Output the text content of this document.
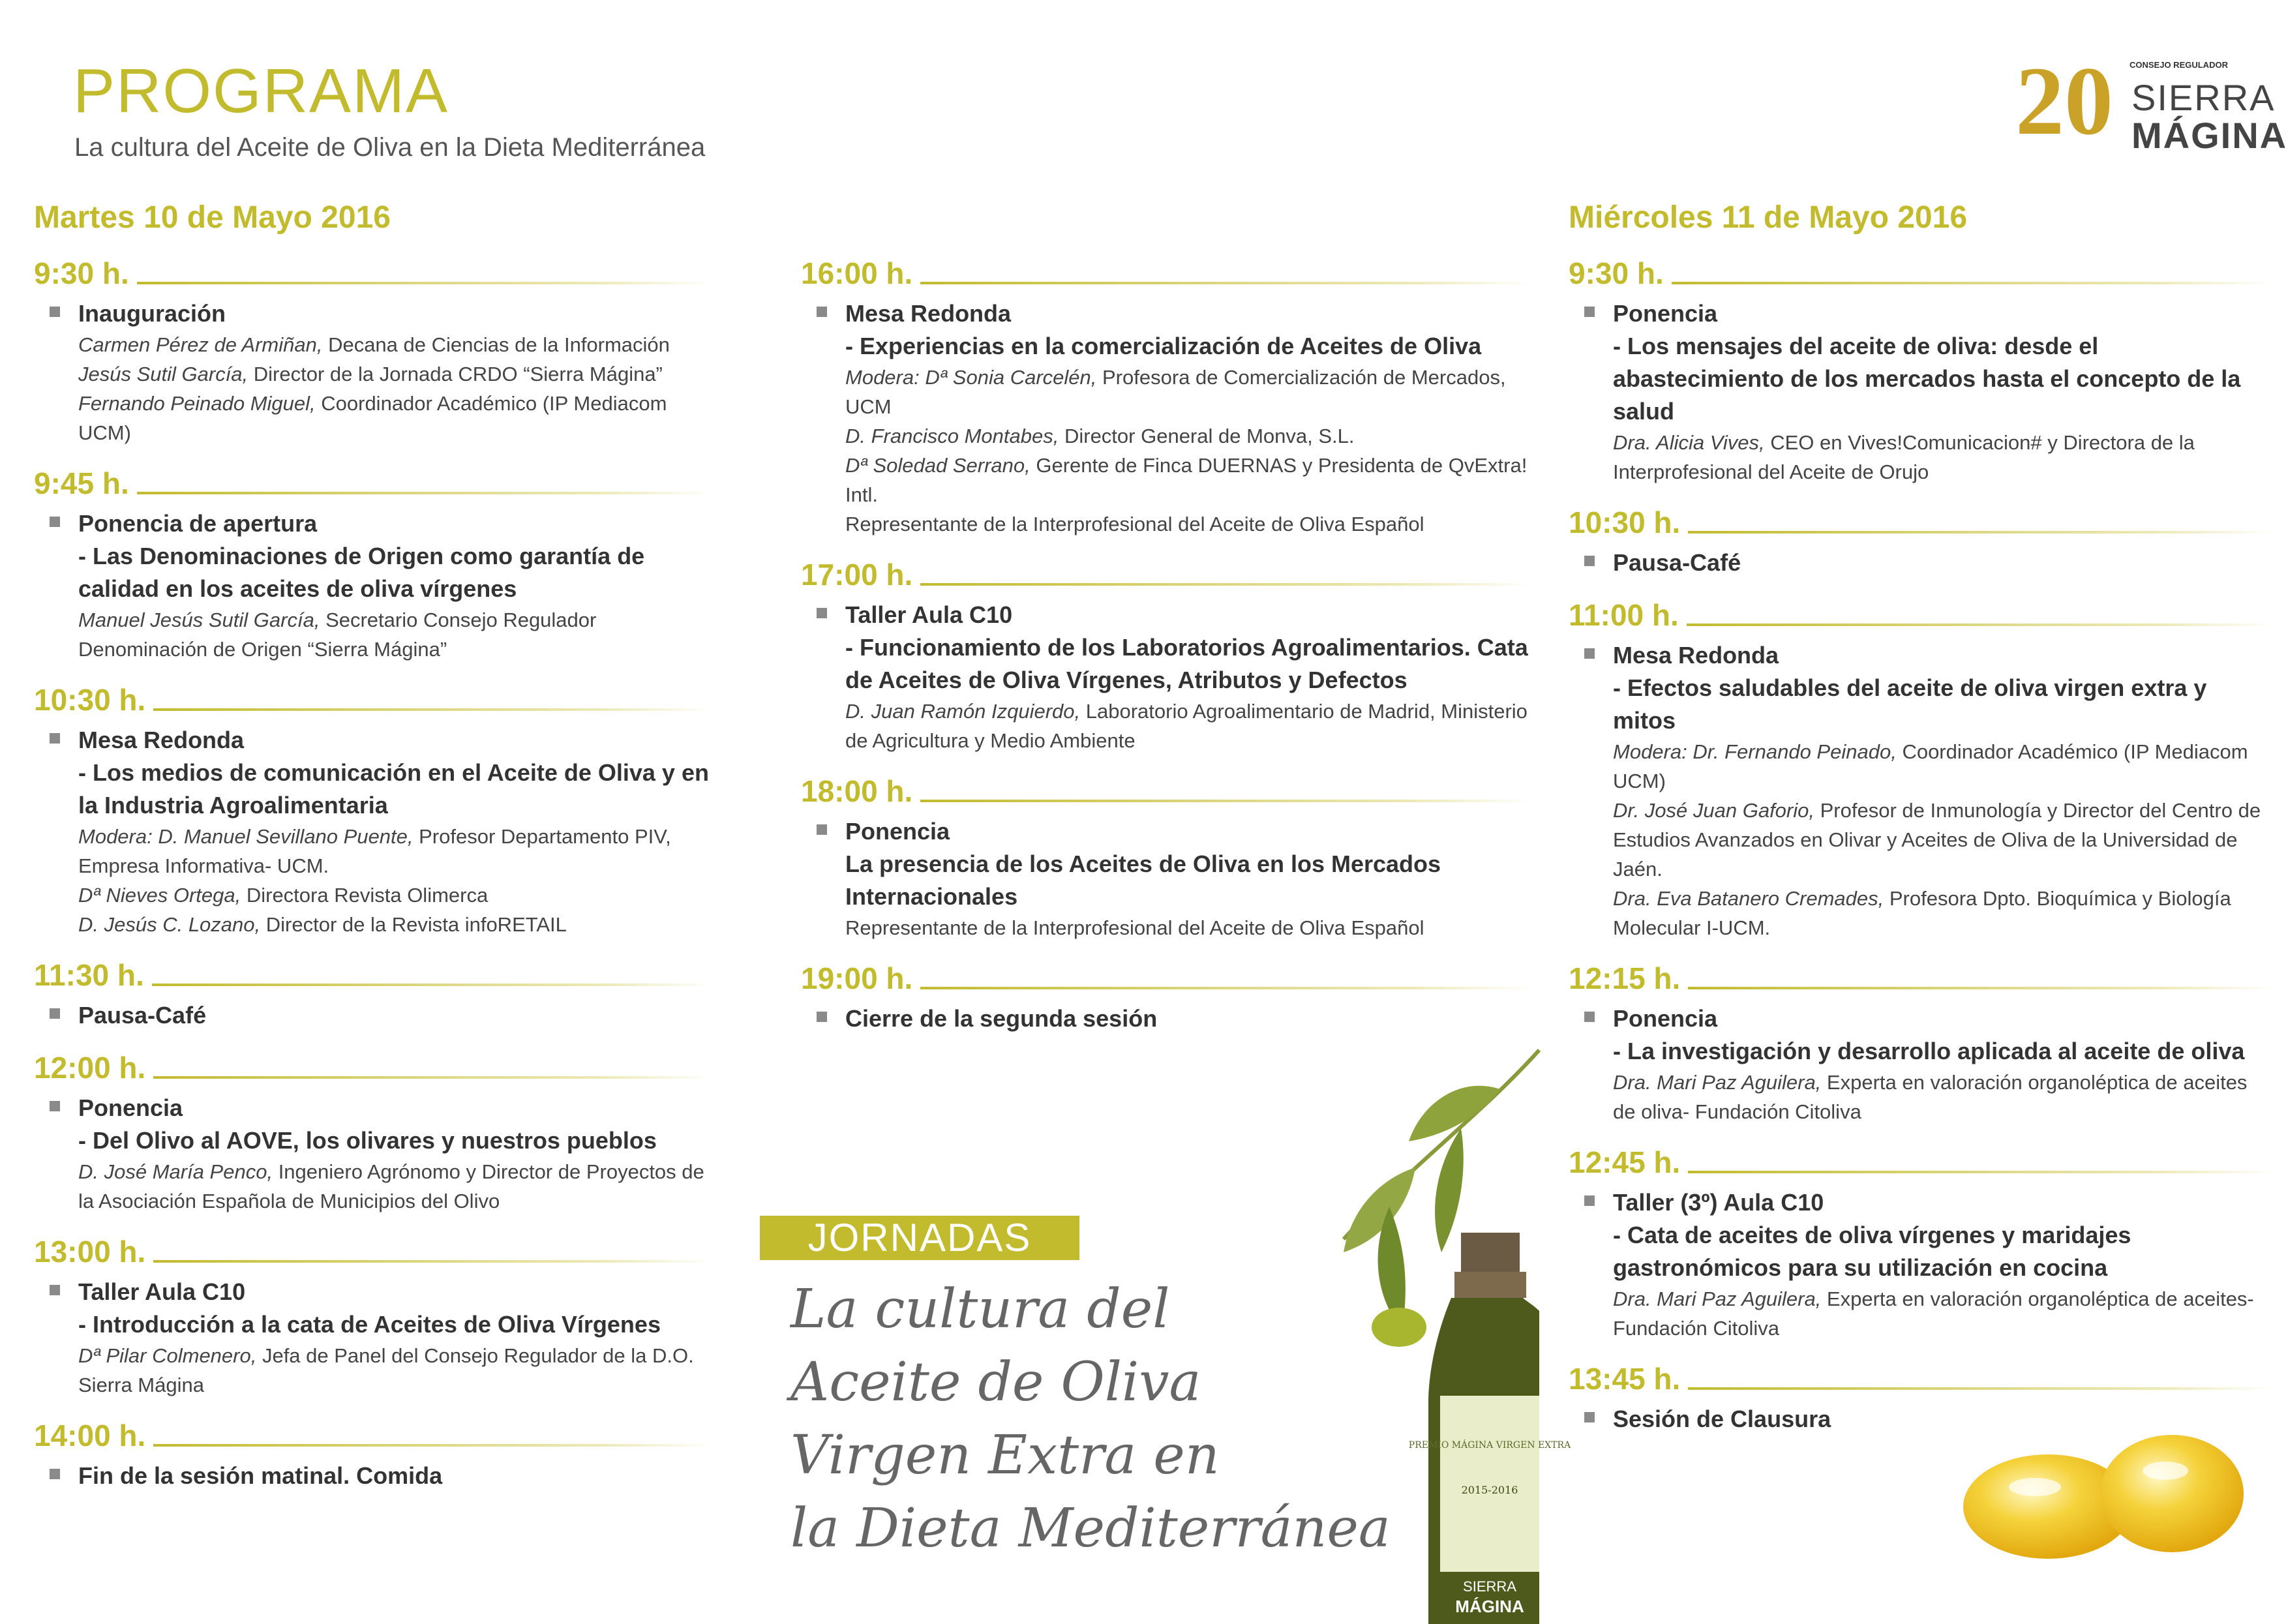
PROGRAMA
La cultura del Aceite de Oliva en la Dieta Mediterránea	20 CONSEJO REGULADOR
SIERRA
MÁGINA
Martes 10 de Mayo 2016	Miércoles 11 de Mayo 2016
9:30 h.
Inauguración
Carmen Pérez de Armiñan, Decana de Ciencias de la Información
Jesús Sutil García, Director de la Jornada CRDO “Sierra Mágina”
Fernando Peinado Miguel, Coordinador Académico (IP Mediacom UCM)
9:45 h.
Ponencia de apertura
- Las Denominaciones de Origen como garantía de calidad en los aceites de oliva vírgenes
Manuel Jesús Sutil García, Secretario Consejo Regulador Denominación de Origen “Sierra Mágina”
10:30 h.
Mesa Redonda
- Los medios de comunicación en el Aceite de Oliva y en la Industria Agroalimentaria
Modera: D. Manuel Sevillano Puente, Profesor Departamento PIV, Empresa Informativa- UCM.
Dª Nieves Ortega, Directora Revista Olimerca
D. Jesús C. Lozano, Director de la Revista infoRETAIL
11:30 h.
Pausa-Café
12:00 h.
Ponencia
- Del Olivo al AOVE, los olivares y nuestros pueblos
D. José María Penco, Ingeniero Agrónomo y Director de Proyectos de la Asociación Española de Municipios del Olivo
13:00 h.
Taller Aula C10
- Introducción a la cata de Aceites de Oliva Vírgenes
Dª Pilar Colmenero, Jefa de Panel del Consejo Regulador de la D.O. Sierra Mágina
14:00 h.
Fin de la sesión matinal. Comida
16:00 h.
Mesa Redonda
- Experiencias en la comercialización de Aceites de Oliva
Modera: Dª Sonia Carcelén, Profesora de Comercialización de Mercados, UCM
D. Francisco Montabes, Director General de Monva, S.L.
Dª Soledad Serrano, Gerente de Finca DUERNAS y Presidenta de QvExtra! Intl.
Representante de la Interprofesional del Aceite de Oliva Español
17:00 h.
Taller Aula C10
- Funcionamiento de los Laboratorios Agroalimentarios. Cata de Aceites de Oliva Vírgenes, Atributos y Defectos
D. Juan Ramón Izquierdo, Laboratorio Agroalimentario de Madrid, Ministerio de Agricultura y Medio Ambiente
18:00 h.
Ponencia
La presencia de los Aceites de Oliva en los Mercados Internacionales
Representante de la Interprofesional del Aceite de Oliva Español
19:00 h.
Cierre de la segunda sesión
9:30 h.
Ponencia
- Los mensajes del aceite de oliva: desde el abastecimiento de los mercados hasta el concepto de la salud
Dra. Alicia Vives, CEO en Vives!Comunicacion# y Directora de la Interprofesional del Aceite de Orujo
10:30 h.
Pausa-Café
11:00 h.
Mesa Redonda
- Efectos saludables del aceite de oliva virgen extra y mitos
Modera: Dr. Fernando Peinado, Coordinador Académico (IP Mediacom UCM)
Dr. José Juan Gaforio, Profesor de Inmunología y Director del Centro de Estudios Avanzados en Olivar y Aceites de Oliva de la Universidad de Jaén.
Dra. Eva Batanero Cremades, Profesora Dpto. Bioquímica y Biología Molecular I-UCM.
12:15 h.
Ponencia
- La investigación y desarrollo aplicada al aceite de oliva
Dra. Mari Paz Aguilera, Experta en valoración organoléptica de aceites de oliva- Fundación Citoliva
12:45 h.
Taller (3º) Aula C10
- Cata de aceites de oliva vírgenes y maridajes gastronómicos para su utilización en cocina
Dra. Mari Paz Aguilera, Experta en valoración organoléptica de aceites- Fundación Citoliva
13:45 h.
Sesión de Clausura
JORNADAS
La cultura del
Aceite de Oliva
Virgen Extra en
la Dieta Mediterránea
PREMIO MÁGINA VIRGEN EXTRA
2015-2016
SIERRA
MÁGINA
